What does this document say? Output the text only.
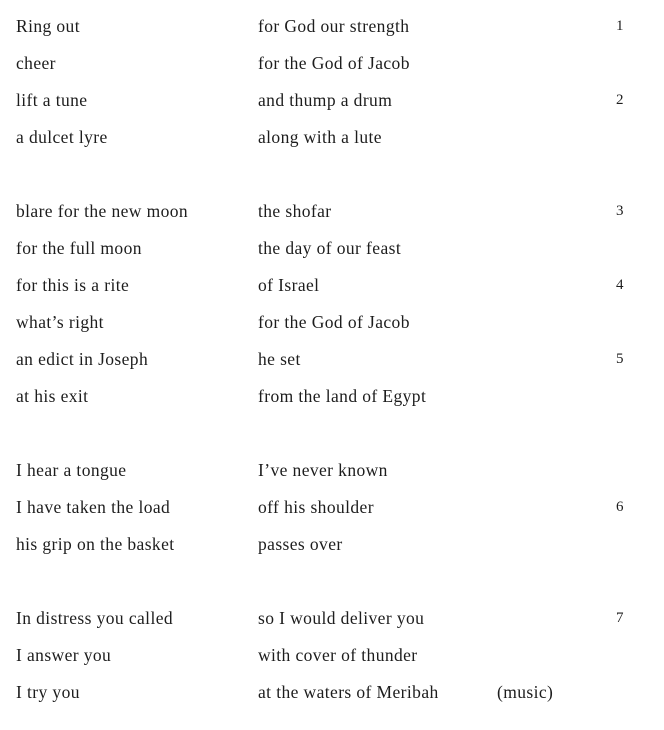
Ring out	for God our strength	1
cheer	for the God of Jacob
lift a tune	and thump a drum	2
a dulcet lyre	along with a lute
blare for the new moon	the shofar	3
for the full moon	the day of our feast
for this is a rite	of Israel	4
what’s right	for the God of Jacob
an edict in Joseph	he set	5
at his exit	from the land of Egypt
I hear a tongue	I’ve never known
I have taken the load	off his shoulder	6
his grip on the basket	passes over
In distress you called	so I would deliver you	7
I answer you	with cover of thunder
I try you	at the waters of Meribah	(music)
